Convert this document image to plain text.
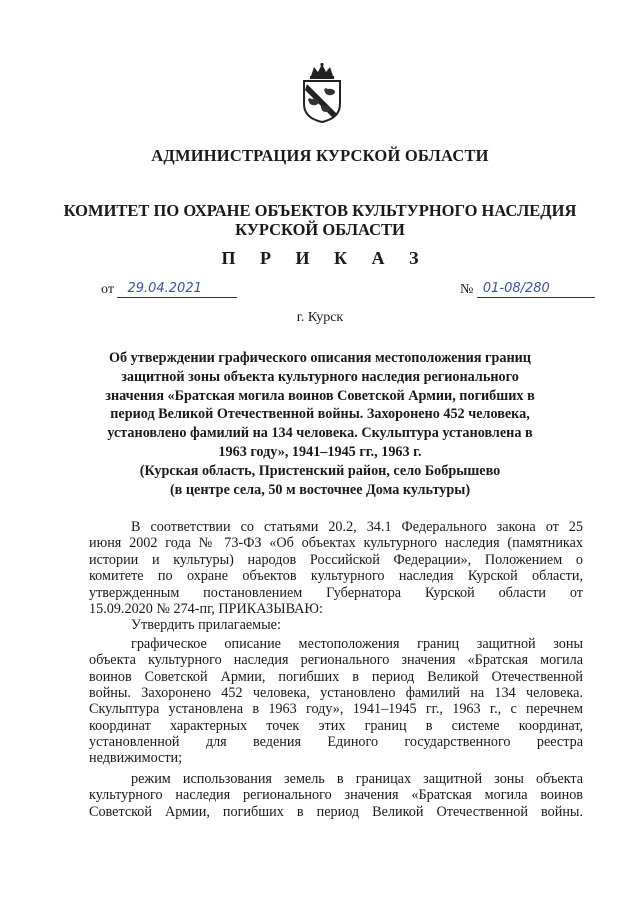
АДМИНИСТРАЦИЯ КУРСКОЙ ОБЛАСТИ
КОМИТЕТ ПО ОХРАНЕ ОБЪЕКТОВ КУЛЬТУРНОГО НАСЛЕДИЯ
КУРСКОЙ ОБЛАСТИ
П Р И К А З
от 29.04.2021	№ 01-08/280
г. Курск
Об утверждении графического описания местоположения границ
защитной зоны объекта культурного наследия регионального
значения «Братская могила воинов Советской Армии, погибших в
период Великой Отечественной войны. Захоронено 452 человека,
установлено фамилий на 134 человека. Скульптура установлена в
1963 году», 1941–1945 гг., 1963 г.
(Курская область, Пристенский район, село Бобрышево
(в центре села, 50 м восточнее Дома культуры)
В соответствии со статьями 20.2, 34.1 Федерального закона от 25
июня 2002 года № 73-ФЗ «Об объектах культурного наследия (памятниках
истории и культуры) народов Российской Федерации», Положением о
комитете по охране объектов культурного наследия Курской области,
утвержденным постановлением Губернатора Курской области от
15.09.2020 № 274-пг, ПРИКАЗЫВАЮ:
Утвердить прилагаемые:
графическое описание местоположения границ защитной зоны
объекта культурного наследия регионального значения «Братская могила
воинов Советской Армии, погибших в период Великой Отечественной
войны. Захоронено 452 человека, установлено фамилий на 134 человека.
Скульптура установлена в 1963 году», 1941–1945 гг., 1963 г., с перечнем
координат характерных точек этих границ в системе координат,
установленной для ведения Единого государственного реестра
недвижимости;
режим использования земель в границах защитной зоны объекта
культурного наследия регионального значения «Братская могила воинов
Советской Армии, погибших в период Великой Отечественной войны.
